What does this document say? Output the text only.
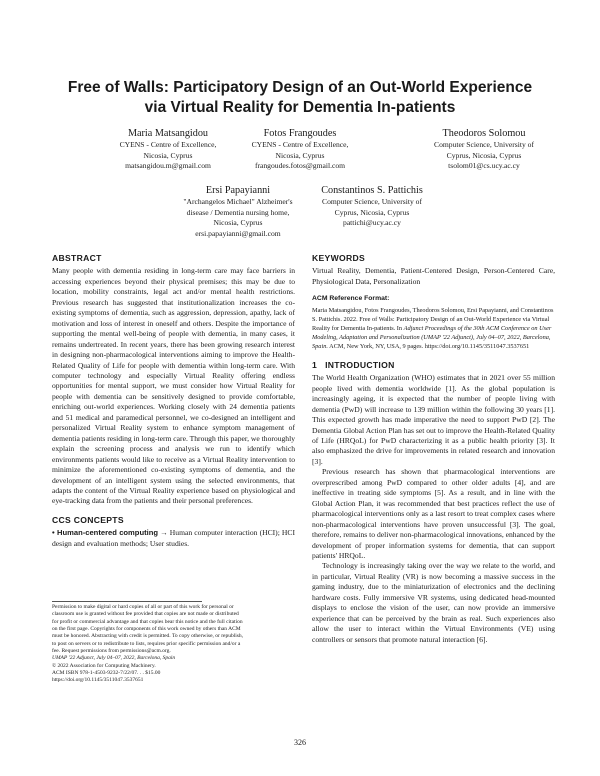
Free of Walls: Participatory Design of an Out-World Experience
via Virtual Reality for Dementia In-patients
Maria Matsangidou
CYENS - Centre of Excellence,
Nicosia, Cyprus
matsangidou.m@gmail.com
Fotos Frangoudes
CYENS - Centre of Excellence,
Nicosia, Cyprus
frangoudes.fotos@gmail.com
Theodoros Solomou
Computer Science, University of
Cyprus, Nicosia, Cyprus
tsolom01@cs.ucy.ac.cy
Ersi Papayianni
"Archangelos Michael" Alzheimer's
disease / Dementia nursing home,
Nicosia, Cyprus
ersi.papayianni@gmail.com
Constantinos S. Pattichis
Computer Science, University of
Cyprus, Nicosia, Cyprus
pattichi@ucy.ac.cy
ABSTRACT

Many people with dementia residing in long-term care may face barriers in accessing experiences beyond their physical premises; this may be due to location, mobility constraints, legal act and/or mental health restrictions. Previous research has suggested that institutionalization increases the co-existing symptoms of dementia, such as aggression, depression, apathy, lack of motivation and loss of interest in oneself and others. Despite the importance of supporting the mental well-being of people with dementia, in many cases, it remains undertreated. In recent years, there has been growing research interest in designing non-pharmacological interventions aiming to improve the Health-Related Quality of Life for people with dementia within long-term care. With computer technology and especially Virtual Reality offering endless opportunities for mental support, we must consider how Virtual Reality for people with dementia can be sensitively designed to provide comfortable, enriching out-world experiences. Working closely with 24 dementia patients and 51 medical and paramedical personnel, we co-designed an intelligent and personalized Virtual Reality system to enhance symptom management of dementia patients residing in long-term care. Through this paper, we thoroughly explain the screening process and analysis we run to identify which environments patients would like to receive as a Virtual Reality intervention to minimize the aforementioned co-existing symptoms of dementia, and the development of an intelligent system using the selected environments, that adapts the content of the Virtual Reality experience based on physiological and eye-tracking data from the patients and their personal preferences.

CCS CONCEPTS

• Human-centered computing → Human computer interaction (HCI); HCI design and evaluation methods; User studies.

Permission to make digital or hard copies of all or part of this work for personal or

classroom use is granted without fee provided that copies are not made or distributed

for profit or commercial advantage and that copies bear this notice and the full citation

on the first page. Copyrights for components of this work owned by others than ACM

must be honored. Abstracting with credit is permitted. To copy otherwise, or republish,

to post on servers or to redistribute to lists, requires prior specific permission and/or a

fee. Request permissions from permissions@acm.org.

UMAP '22 Adjunct, July 04–07, 2022, Barcelona, Spain

© 2022 Association for Computing Machinery.

ACM ISBN 978-1-4503-9232-7/22/07. . . $15.00

https://doi.org/10.1145/3511047.3537651

KEYWORDS

Virtual Reality, Dementia, Patient-Centered Design, Person-Centered Care, Physiological Data, Personalization

ACM Reference Format:

Maria Matsangidou, Fotos Frangoudes, Theodoros Solomou, Ersi Papayianni, and Constantinos S. Pattichis. 2022. Free of Walls: Participatory Design of an Out-World Experience via Virtual Reality for Dementia In-patients. In Adjunct Proceedings of the 30th ACM Conference on User Modeling, Adaptation and Personalization (UMAP '22 Adjunct), July 04–07, 2022, Barcelona, Spain. ACM, New York, NY, USA, 9 pages. https://doi.org/10.1145/3511047.3537651

1 INTRODUCTION

The World Health Organization (WHO) estimates that in 2021 over 55 million people lived with dementia worldwide [1]. As the global population is increasingly ageing, it is expected that the number of people living with dementia (PwD) will increase to 139 million within the following 30 years [1]. This expected growth has made imperative the need to support PwD [2]. The Dementia Global Action Plan has set out to improve the Health-Related Quality of Life (HRQoL) for PwD characterizing it as a public health priority [3]. It also emphasized the drive for improvements in related research and innovation [3].

Previous research has shown that pharmacological interventions are overprescribed among PwD compared to other older adults [4], and are ineffective in treating side symptoms [5]. As a result, and in line with the Global Action Plan, it was recommended that best practices reflect the use of pharmacological interventions only as a last resort to treat complex cases where non-pharmacological interventions have proven unsuccessful [3]. The goal, therefore, remains to deliver non-pharmacological innovations, enhanced by the development of proper information systems for dementia, that can support patients' HRQoL.

Technology is increasingly taking over the way we relate to the world, and in particular, Virtual Reality (VR) is now becoming a massive success in the gaming industry, due to the miniaturization of electronics and the declining hardware costs. Fully immersive VR systems, using dedicated head-mounted displays to enclose the vision of the user, can now provide an immersive experience that can be perceived by the brain as real. Such experiences also allow the user to interact within the Virtual Environments (VE) using controllers or sensors that promote natural interaction [6].

326
